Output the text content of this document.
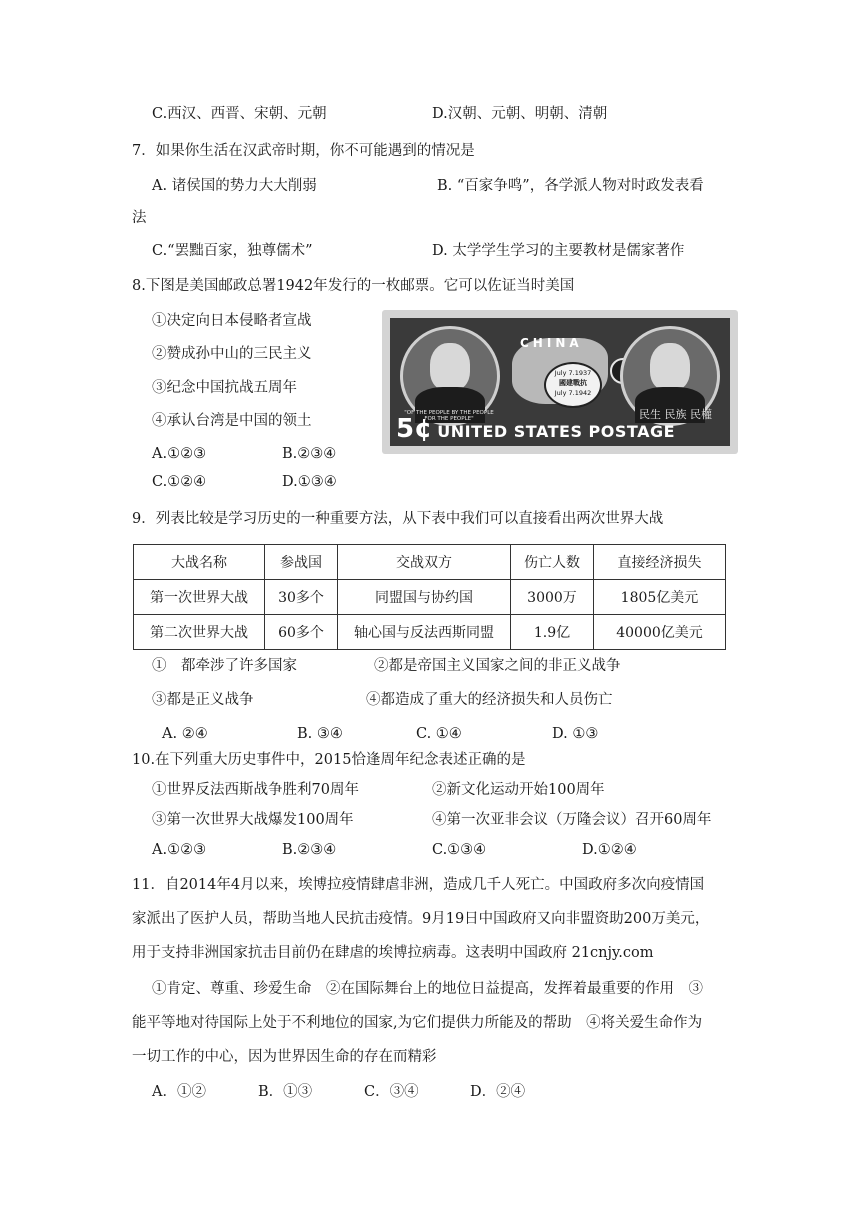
C.西汉、西晋、宋朝、元朝	D.汉朝、元朝、明朝、清朝
7．如果你生活在汉武帝时期，你不可能遇到的情况是
A. 诸侯国的势力大大削弱	B. “百家争鸣”，各学派人物对时政发表看
法
C.“罢黜百家，独尊儒术”	D. 太学学生学习的主要教材是儒家著作
8.下图是美国邮政总署1942年发行的一枚邮票。它可以佐证当时美国
①决定向日本侵略者宣战
②赞成孙中山的三民主义
③纪念中国抗战五周年
④承认台湾是中国的领土
A.①②③	B.②③④
C.①②④	D.①③④
CHINA
July 7.1937
國建戰抗
July 7.1942
"OF THE PEOPLE BY THE PEOPLE FOR THE PEOPLE"	民生 民族 民權
5¢ UNITED STATES POSTAGE
9．列表比较是学习历史的一种重要方法，从下表中我们可以直接看出两次世界大战
大战名称	参战国	交战双方	伤亡人数	直接经济损失
第一次世界大战	30多个	同盟国与协约国	3000万	1805亿美元
第二次世界大战	60多个	轴心国与反法西斯同盟	1.9亿	40000亿美元
①　都牵涉了许多国家	②都是帝国主义国家之间的非正义战争
③都是正义战争	④都造成了重大的经济损失和人员伤亡
A. ②④	B. ③④	C. ①④	D. ①③
10.在下列重大历史事件中，2015恰逢周年纪念表述正确的是
①世界反法西斯战争胜利70周年	②新文化运动开始100周年
③第一次世界大战爆发100周年	④第一次亚非会议（万隆会议）召开60周年
A.①②③	B.②③④	C.①③④	D.①②④
11．自2014年4月以来，埃博拉疫情肆虐非洲，造成几千人死亡。中国政府多次向疫情国
家派出了医护人员，帮助当地人民抗击疫情。9月19日中国政府又向非盟资助200万美元，
用于支持非洲国家抗击目前仍在肆虐的埃博拉病毒。这表明中国政府 21cnjy.com
①肯定、尊重、珍爱生命　②在国际舞台上的地位日益提高，发挥着最重要的作用　③
能平等地对待国际上处于不利地位的国家,为它们提供力所能及的帮助　④将关爱生命作为
一切工作的中心，因为世界因生命的存在而精彩
A．①②	B．①③	C．③④	D．②④
